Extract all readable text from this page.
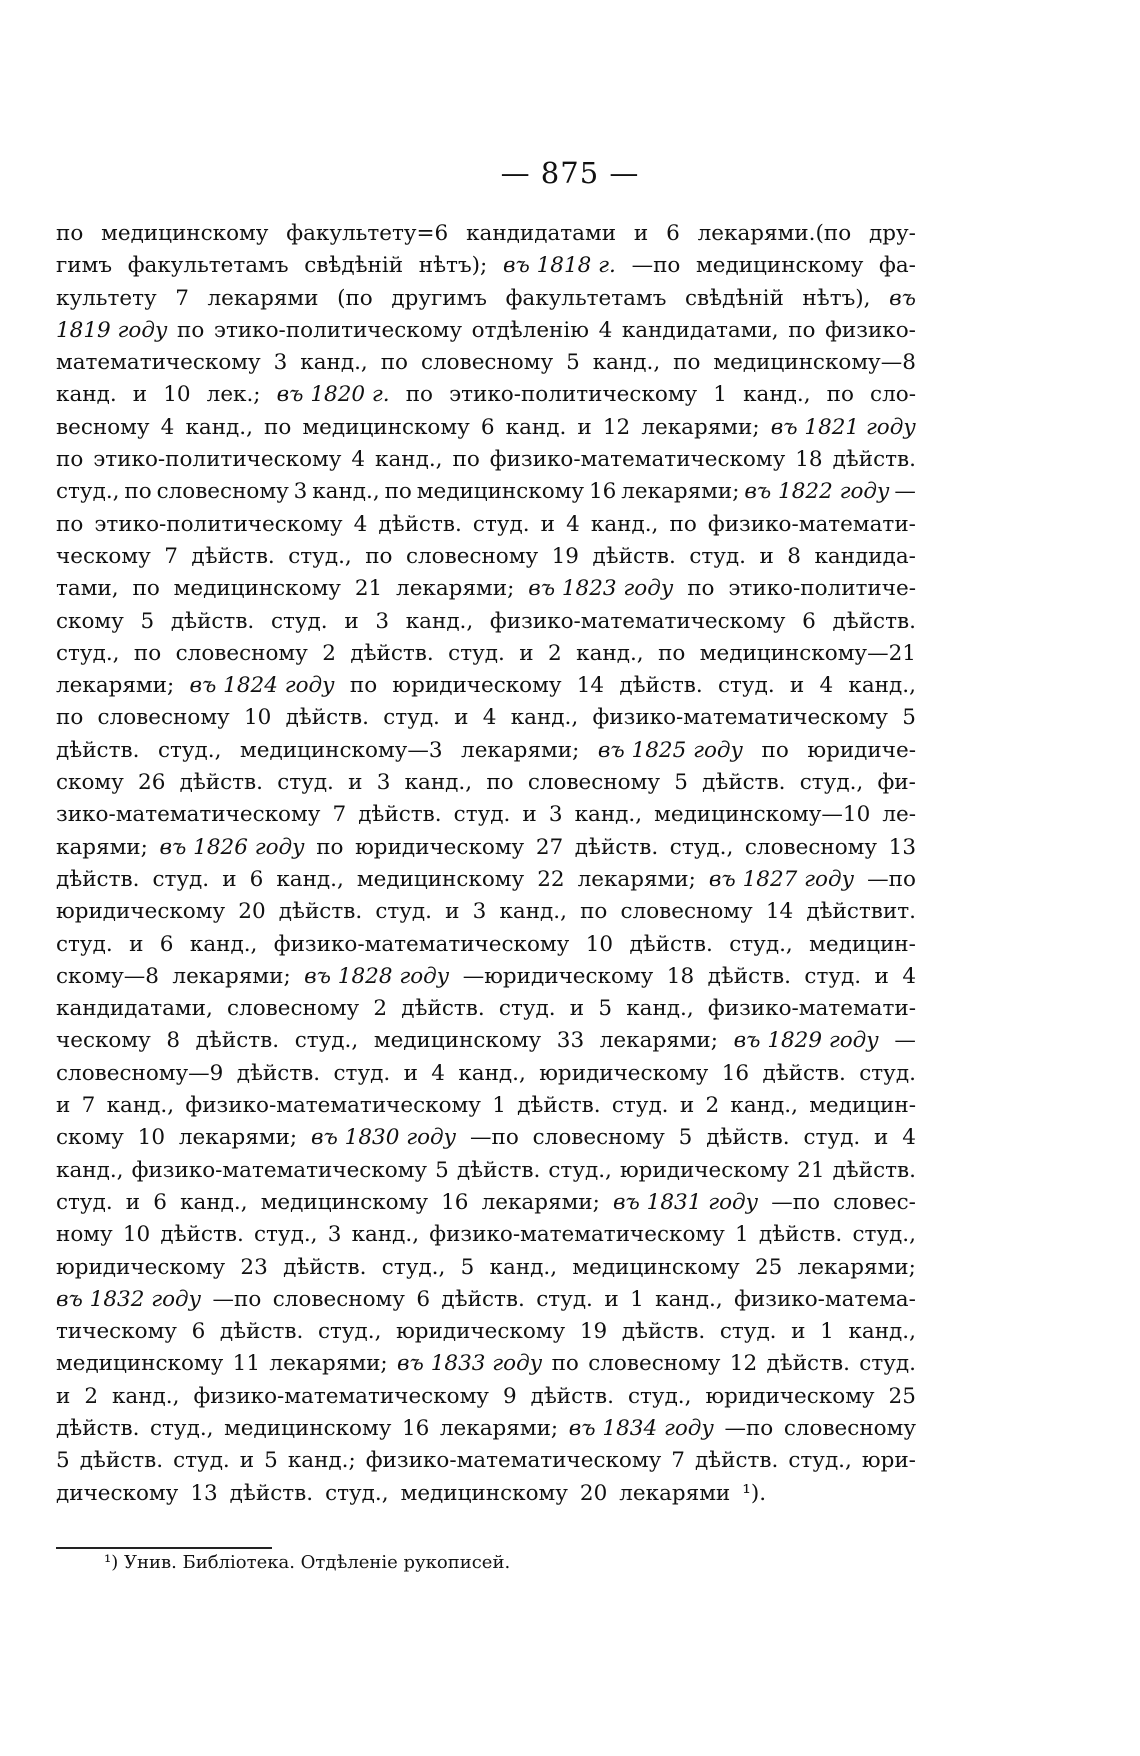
— 875 —
по медицинскому факультету=6 кандидатами и 6 лекарями.(по дру-
гимъ факультетамъ свѣдѣній нѣтъ); въ 1818 г. —по медицинскому фа-
культету 7 лекарями (по другимъ факультетамъ свѣдѣній нѣтъ), въ
1819 году по этико-политическому отдѣленію 4 кандидатами, по физико-
математическому 3 канд., по словесному 5 канд., по медицинскому—8
канд. и 10 лек.; въ 1820 г. по этико-политическому 1 канд., по сло-
весному 4 канд., по медицинскому 6 канд. и 12 лекарями; въ 1821 году
по этико-политическому 4 канд., по физико-математическому 18 дѣйств.
студ., по словесному 3 канд., по медицинскому 16 лекарями; въ 1822 году —
по этико-политическому 4 дѣйств. студ. и 4 канд., по физико-математи-
ческому 7 дѣйств. студ., по словесному 19 дѣйств. студ. и 8 кандида-
тами, по медицинскому 21 лекарями; въ 1823 году по этико-политиче-
скому 5 дѣйств. студ. и 3 канд., физико-математическому 6 дѣйств.
студ., по словесному 2 дѣйств. студ. и 2 канд., по медицинскому—21
лекарями; въ 1824 году по юридическому 14 дѣйств. студ. и 4 канд.,
по словесному 10 дѣйств. студ. и 4 канд., физико-математическому 5
дѣйств. студ., медицинскому—3 лекарями; въ 1825 году по юридиче-
скому 26 дѣйств. студ. и 3 канд., по словесному 5 дѣйств. студ., фи-
зико-математическому 7 дѣйств. студ. и 3 канд., медицинскому—10 ле-
карями; въ 1826 году по юридическому 27 дѣйств. студ., словесному 13
дѣйств. студ. и 6 канд., медицинскому 22 лекарями; въ 1827 году —по
юридическому 20 дѣйств. студ. и 3 канд., по словесному 14 дѣйствит.
студ. и 6 канд., физико-математическому 10 дѣйств. студ., медицин-
скому—8 лекарями; въ 1828 году —юридическому 18 дѣйств. студ. и 4
кандидатами, словесному 2 дѣйств. студ. и 5 канд., физико-математи-
ческому 8 дѣйств. студ., медицинскому 33 лекарями; въ 1829 году —
словесному—9 дѣйств. студ. и 4 канд., юридическому 16 дѣйств. студ.
и 7 канд., физико-математическому 1 дѣйств. студ. и 2 канд., медицин-
скому 10 лекарями; въ 1830 году —по словесному 5 дѣйств. студ. и 4
канд., физико-математическому 5 дѣйств. студ., юридическому 21 дѣйств.
студ. и 6 канд., медицинскому 16 лекарями; въ 1831 году —по словес-
ному 10 дѣйств. студ., 3 канд., физико-математическому 1 дѣйств. студ.,
юридическому 23 дѣйств. студ., 5 канд., медицинскому 25 лекарями;
въ 1832 году —по словесному 6 дѣйств. студ. и 1 канд., физико-матема-
тическому 6 дѣйств. студ., юридическому 19 дѣйств. студ. и 1 канд.,
медицинскому 11 лекарями; въ 1833 году по словесному 12 дѣйств. студ.
и 2 канд., физико-математическому 9 дѣйств. студ., юридическому 25
дѣйств. студ., медицинскому 16 лекарями; въ 1834 году —по словесному
5 дѣйств. студ. и 5 канд.; физико-математическому 7 дѣйств. студ., юри-
дическому 13 дѣйств. студ., медицинскому 20 лекарями ¹).
¹) Унив. Библіотека. Отдѣленіе рукописей.
